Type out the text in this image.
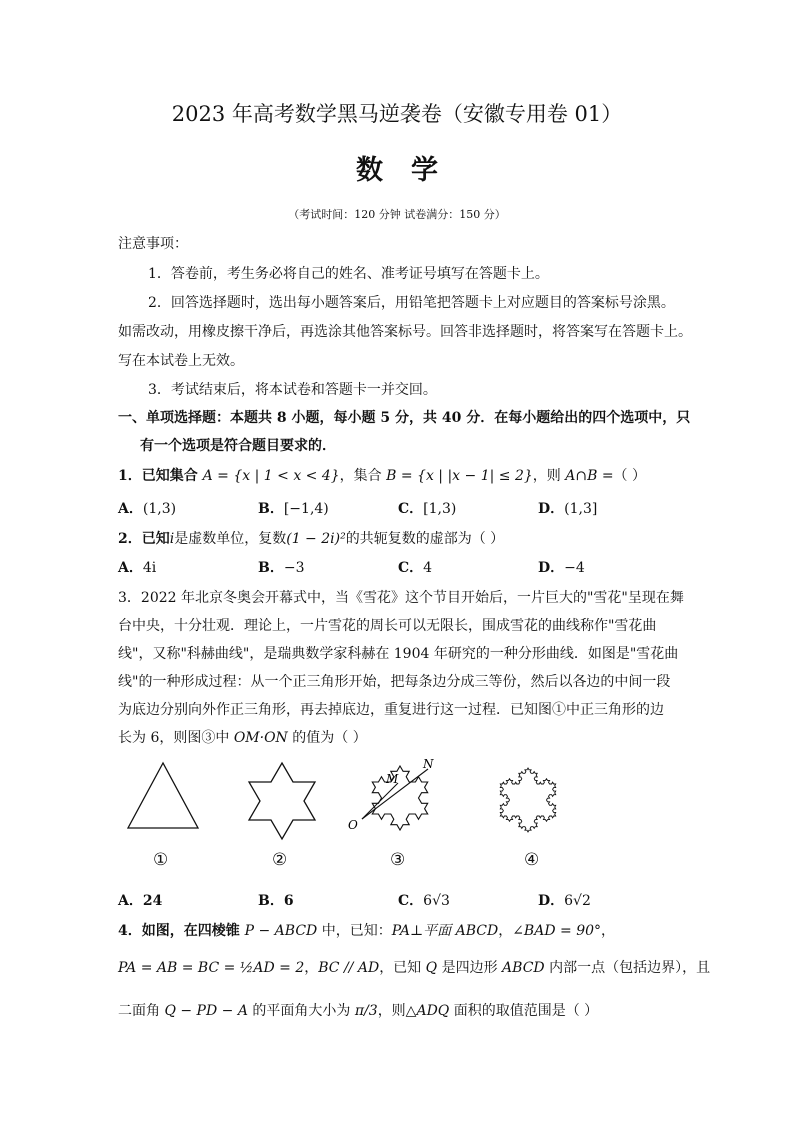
2023 年高考数学黑马逆袭卷（安徽专用卷 01）
数学
（考试时间：120 分钟 试卷满分：150 分）
注意事项：
1．答卷前，考生务必将自己的姓名、准考证号填写在答题卡上。
2．回答选择题时，选出每小题答案后，用铅笔把答题卡上对应题目的答案标号涂黑。
如需改动，用橡皮擦干净后，再选涂其他答案标号。回答非选择题时，将答案写在答题卡上。
写在本试卷上无效。
3．考试结束后，将本试卷和答题卡一并交回。
一、单项选择题：本题共 8 小题，每小题 5 分，共 40 分．在每小题给出的四个选项中，只
有一个选项是符合题目要求的．
1．已知集合 A = {x | 1 < x < 4}，集合 B = {x | |x − 1| ≤ 2}，则 A∩B =（ ）
A．(1,3)	B．[−1,4)	C．[1,3)	D．(1,3]
2．已知i是虚数单位，复数(1 − 2i)²的共轭复数的虚部为（ ）
A．4i	B．−3	C．4	D．−4
3．2022 年北京冬奥会开幕式中，当《雪花》这个节目开始后，一片巨大的"雪花"呈现在舞
台中央，十分壮观．理论上，一片雪花的周长可以无限长，围成雪花的曲线称作"雪花曲
线"，又称"科赫曲线"，是瑞典数学家科赫在 1904 年研究的一种分形曲线．如图是"雪花曲
线"的一种形成过程：从一个正三角形开始，把每条边分成三等份，然后以各边的中间一段
为底边分别向外作正三角形，再去掉底边，重复进行这一过程．已知图①中正三角形的边
长为 6，则图③中 OM·ON 的值为（ ）
M
N
O
①	②	③	④
A．24	B．6	C．6√3	D．6√2
4．如图，在四棱锥 P − ABCD 中，已知：PA⊥平面 ABCD，∠BAD = 90°，
PA = AB = BC = ½AD = 2，BC // AD，已知 Q 是四边形 ABCD 内部一点（包括边界），且
二面角 Q − PD − A 的平面角大小为 π/3，则△ADQ 面积的取值范围是（ ）
